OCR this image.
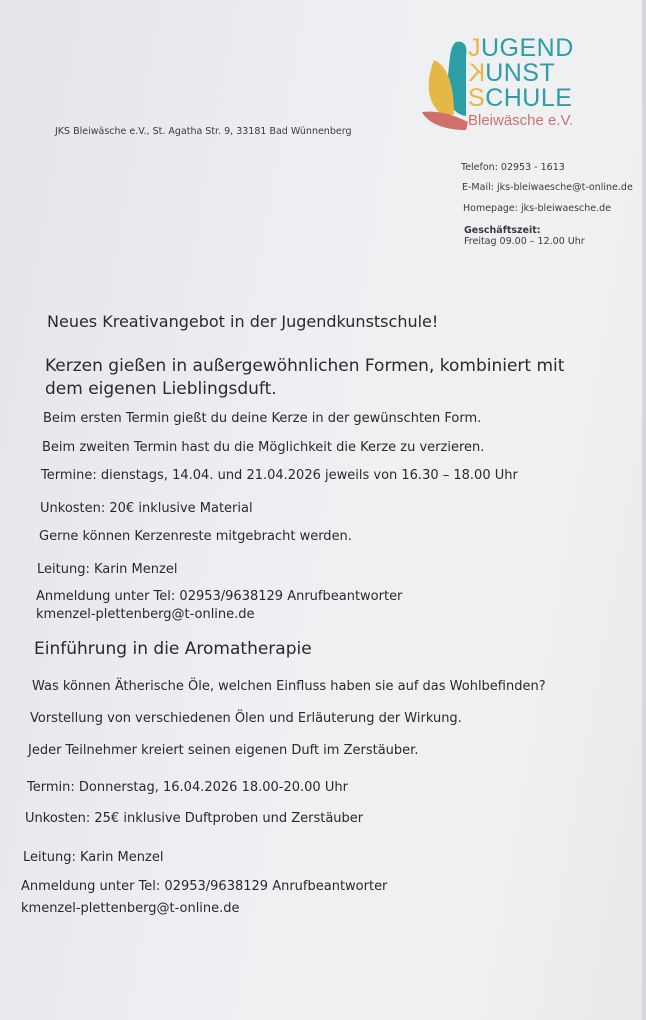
JUGEND
KUNST
SCHULE
Bleiwäsche e.V.
JKS Bleiwäsche e.V., St. Agatha Str. 9, 33181 Bad Wünnenberg
Telefon: 02953 - 1613
E-Mail: jks-bleiwaesche@t-online.de
Homepage: jks-bleiwaesche.de
Geschäftszeit:
Freitag 09.00 – 12.00 Uhr
Neues Kreativangebot in der Jugendkunstschule!
Kerzen gießen in außergewöhnlichen Formen, kombiniert mit
dem eigenen Lieblingsduft.
Beim ersten Termin gießt du deine Kerze in der gewünschten Form.
Beim zweiten Termin hast du die Möglichkeit die Kerze zu verzieren.
Termine: dienstags, 14.04. und 21.04.2026 jeweils von 16.30 – 18.00 Uhr
Unkosten: 20€ inklusive Material
Gerne können Kerzenreste mitgebracht werden.
Leitung: Karin Menzel
Anmeldung unter Tel: 02953/9638129 Anrufbeantworter
kmenzel-plettenberg@t-online.de
Einführung in die Aromatherapie
Was können Ätherische Öle, welchen Einfluss haben sie auf das Wohlbefinden?
Vorstellung von verschiedenen Ölen und Erläuterung der Wirkung.
Jeder Teilnehmer kreiert seinen eigenen Duft im Zerstäuber.
Termin: Donnerstag, 16.04.2026 18.00-20.00 Uhr
Unkosten: 25€ inklusive Duftproben und Zerstäuber
Leitung: Karin Menzel
Anmeldung unter Tel: 02953/9638129 Anrufbeantworter
kmenzel-plettenberg@t-online.de
